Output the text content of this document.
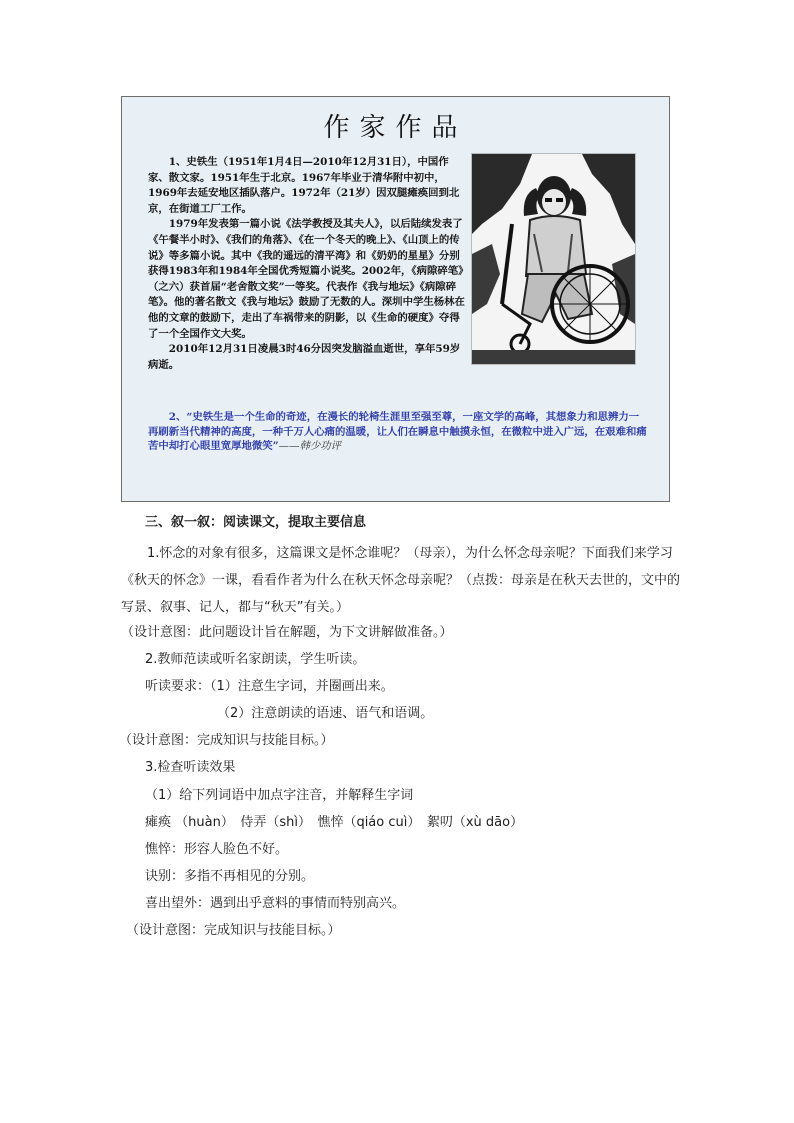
作家作品

1、史铁生（1951年1月4日—2010年12月31日），中国作家、散文家。1951年生于北京。1967年毕业于清华附中初中，1969年去延安地区插队落户。1972年（21岁）因双腿瘫痪回到北京，在街道工厂工作。

1979年发表第一篇小说《法学教授及其夫人》，以后陆续发表了《午餐半小时》、《我们的角落》、《在一个冬天的晚上》、《山顶上的传说》等多篇小说。其中《我的遥远的清平湾》和《奶奶的星星》分别获得1983年和1984年全国优秀短篇小说奖。2002年，《病隙碎笔》（之六）获首届“老舍散文奖”一等奖。代表作《我与地坛》《病隙碎笔》。他的著名散文《我与地坛》鼓励了无数的人。深圳中学生杨林在他的文章的鼓励下，走出了车祸带来的阴影，以《生命的硬度》夺得了一个全国作文大奖。

2010年12月31日凌晨3时46分因突发脑溢血逝世，享年59岁病逝。

2、“史铁生是一个生命的奇迹，在漫长的轮椅生涯里至强至尊，一座文学的高峰，其想象力和思辨力一再刷新当代精神的高度，一种千万人心痛的温暖，让人们在瞬息中触摸永恒，在微粒中进入广远，在艰难和痛苦中却打心眼里宽厚地微笑”——韩少功评

三、叙一叙：阅读课文，提取主要信息
1.怀念的对象有很多，这篇课文是怀念谁呢？（母亲），为什么怀念母亲呢？下面我们来学习《秋天的怀念》一课，看看作者为什么在秋天怀念母亲呢？（点拨：母亲是在秋天去世的，文中的写景、叙事、记人，都与“秋天”有关。）
（设计意图：此问题设计旨在解题，为下文讲解做准备。）
2.教师范读或听名家朗读，学生听读。
听读要求：（1）注意生字词，并圈画出来。
（2）注意朗读的语速、语气和语调。
（设计意图：完成知识与技能目标。）
3.检查听读效果
（1）给下列词语中加点字注音，并解释生字词
瘫痪 （huàn）　侍弄（shì）　憔悴（qiáo cuì）　絮叨（xù dāo）
憔悴：形容人脸色不好。
诀别：多指不再相见的分别。
喜出望外：遇到出乎意料的事情而特别高兴。
（设计意图：完成知识与技能目标。）
